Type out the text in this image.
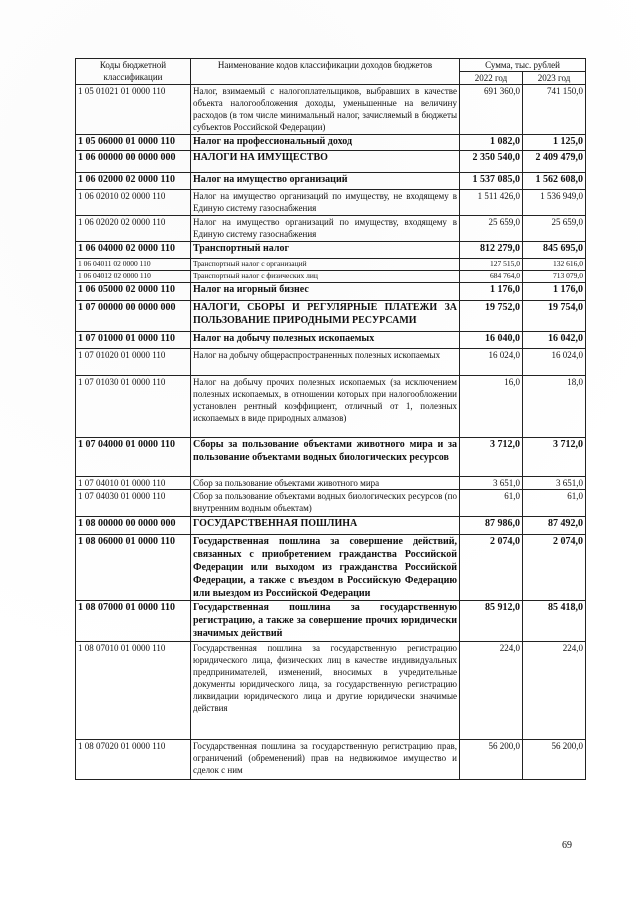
Коды бюджетной классификации	Наименование кодов классификации доходов бюджетов	Сумма, тыс. рублей	
		2022 год	2023 год
1 05 01021 01 0000 110	Налог, взимаемый с налогоплательщиков, выбравших в качестве объекта налогообложения доходы, уменьшенные на величину расходов (в том числе минимальный налог, зачисляемый в бюджеты субъектов Российской Федерации)	691 360,0	741 150,0
1 05 06000 01 0000 110	Налог на профессиональный доход	1 082,0	1 125,0
1 06 00000 00 0000 000	НАЛОГИ НА ИМУЩЕСТВО	2 350 540,0	2 409 479,0
1 06 02000 02 0000 110	Налог на имущество организаций	1 537 085,0	1 562 608,0
1 06 02010 02 0000 110	Налог на имущество организаций по имуществу, не входящему в Единую систему газоснабжения	1 511 426,0	1 536 949,0
1 06 02020 02 0000 110	Налог на имущество организаций по имуществу, входящему в Единую систему газоснабжения	25 659,0	25 659,0
1 06 04000 02 0000 110	Транспортный налог	812 279,0	845 695,0
1 06 04011 02 0000 110	Транспортный налог с организаций	127 515,0	132 616,0
1 06 04012 02 0000 110	Транспортный налог с физических лиц	684 764,0	713 079,0
1 06 05000 02 0000 110	Налог на игорный бизнес	1 176,0	1 176,0
1 07 00000 00 0000 000	НАЛОГИ, СБОРЫ И РЕГУЛЯРНЫЕ ПЛАТЕЖИ ЗА ПОЛЬЗОВАНИЕ ПРИРОДНЫМИ РЕСУРСАМИ	19 752,0	19 754,0
1 07 01000 01 0000 110	Налог на добычу полезных ископаемых	16 040,0	16 042,0
1 07 01020 01 0000 110	Налог на добычу общераспространенных полезных ископаемых	16 024,0	16 024,0
1 07 01030 01 0000 110	Налог на добычу прочих полезных ископаемых (за исключением полезных ископаемых, в отношении которых при налогообложении установлен рентный коэффициент, отличный от 1, полезных ископаемых в виде природных алмазов)	16,0	18,0
1 07 04000 01 0000 110	Сборы за пользование объектами животного мира и за пользование объектами водных биологических ресурсов	3 712,0	3 712,0
1 07 04010 01 0000 110	Сбор за пользование объектами животного мира	3 651,0	3 651,0
1 07 04030 01 0000 110	Сбор за пользование объектами водных биологических ресурсов (по внутренним водным объектам)	61,0	61,0
1 08 00000 00 0000 000	ГОСУДАРСТВЕННАЯ ПОШЛИНА	87 986,0	87 492,0
1 08 06000 01 0000 110	Государственная пошлина за совершение действий, связанных с приобретением гражданства Российской Федерации или выходом из гражданства Российской Федерации, а также с въездом в Российскую Федерацию или выездом из Российской Федерации	2 074,0	2 074,0
1 08 07000 01 0000 110	Государственная пошлина за государственную регистрацию, а также за совершение прочих юридически значимых действий	85 912,0	85 418,0
1 08 07010 01 0000 110	Государственная пошлина за государственную регистрацию юридического лица, физических лиц в качестве индивидуальных предпринимателей, изменений, вносимых в учредительные документы юридического лица, за государственную регистрацию ликвидации юридического лица и другие юридически значимые действия	224,0	224,0
1 08 07020 01 0000 110	Государственная пошлина за государственную регистрацию прав, ограничений (обременений) прав на недвижимое имущество и сделок с ним	56 200,0	56 200,0
69
